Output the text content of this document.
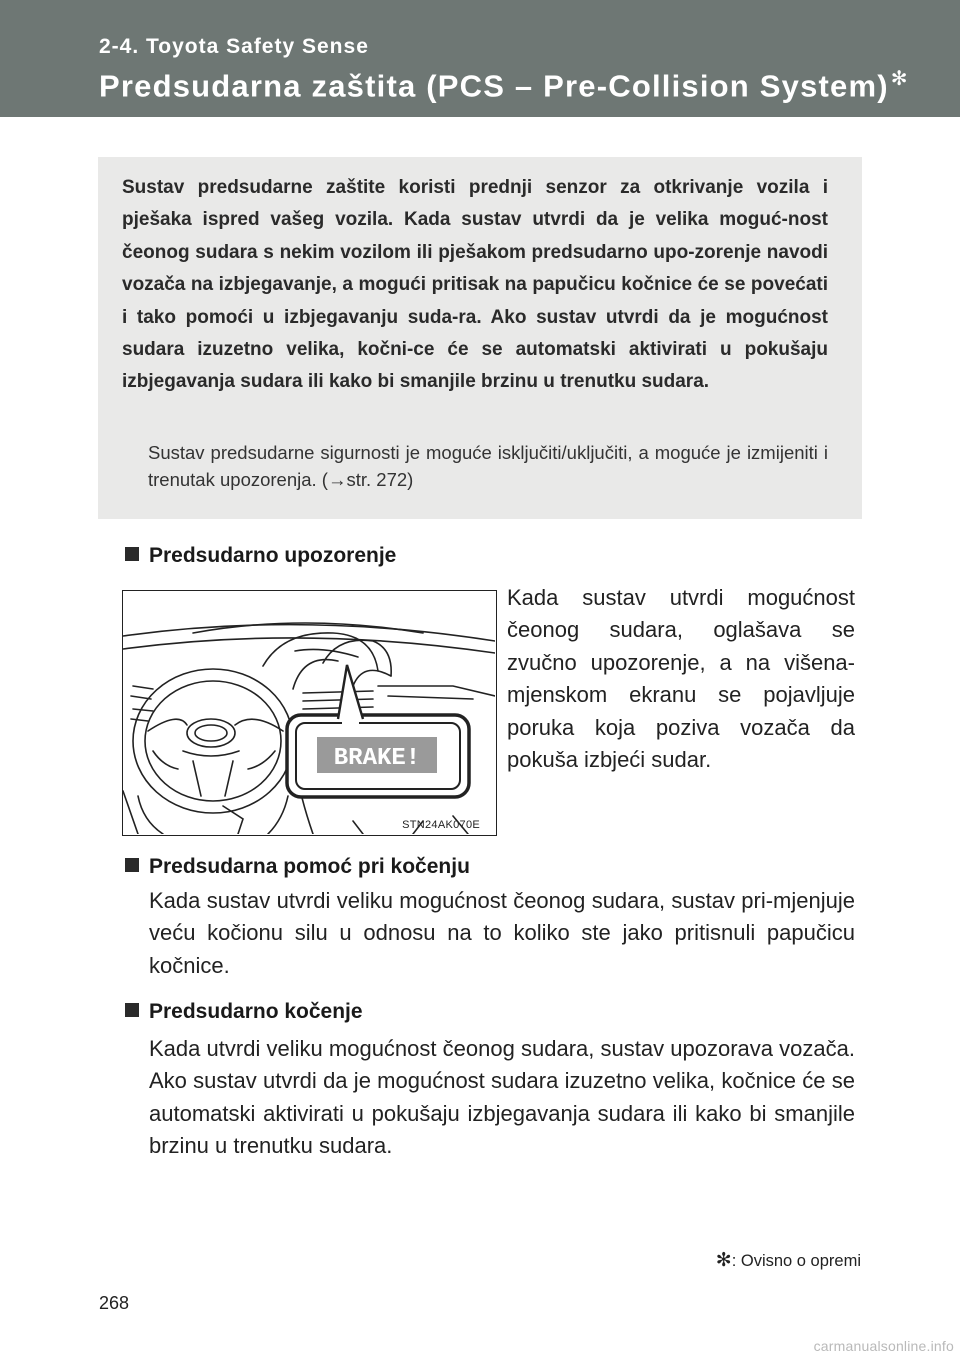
2-4. Toyota Safety Sense
Predsudarna zaštita (PCS – Pre-Collision System) ✻

Sustav predsudarne zaštite koristi prednji senzor za otkrivanje vozila i pješaka ispred vašeg vozila. Kada sustav utvrdi da je velika moguć-nost čeonog sudara s nekim vozilom ili pješakom predsudarno upo-zorenje navodi vozača na izbjegavanje, a mogući pritisak na papučicu kočnice će se povećati i tako pomoći u izbjegavanju suda-ra. Ako sustav utvrdi da je mogućnost sudara izuzetno velika, kočni-ce će se automatski aktivirati u pokušaju izbjegavanja sudara ili kako bi smanjile brzinu u trenutku sudara.

Sustav predsudarne sigurnosti je moguće isključiti/uključiti, a moguće je izmijeniti i trenutak upozorenja. (→str. 272)

Predsudarno upozorenje
BRAKE!
STN24AK070E

Kada sustav utvrdi mogućnost čeonog sudara, oglašava se zvučno upozorenje, a na višena-mjenskom ekranu se pojavljuje poruka koja poziva vozača da pokuša izbjeći sudar.

Predsudarna pomoć pri kočenju

Kada sustav utvrdi veliku mogućnost čeonog sudara, sustav pri-mjenjuje veću kočionu silu u odnosu na to koliko ste jako pritisnuli papučicu kočnice.

Predsudarno kočenje

Kada utvrdi veliku mogućnost čeonog sudara, sustav upozorava vozača. Ako sustav utvrdi da je mogućnost sudara izuzetno velika, kočnice će se automatski aktivirati u pokušaju izbjegavanja sudara ili kako bi smanjile brzinu u trenutku sudara.

✻: Ovisno o opremi
268
carmanualsonline.info
